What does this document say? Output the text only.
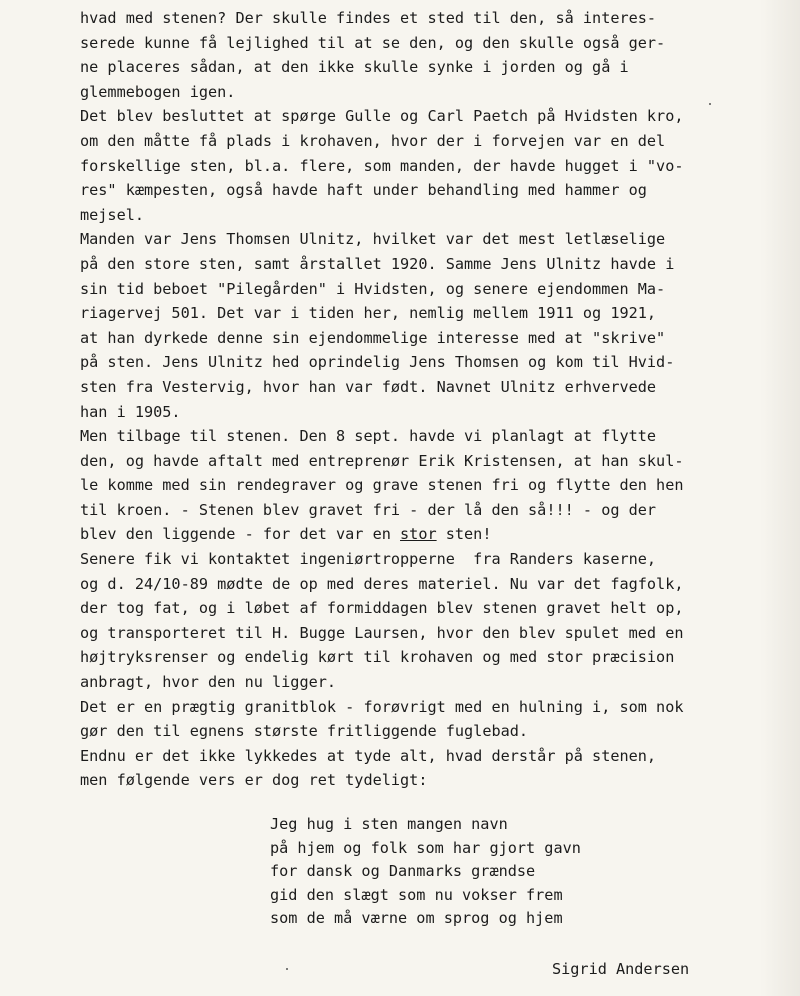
hvad med stenen? Der skulle findes et sted til den, så interes-
serede kunne få lejlighed til at se den, og den skulle også ger-
ne placeres sådan, at den ikke skulle synke i jorden og gå i
glemmebogen igen.
Det blev besluttet at spørge Gulle og Carl Paetch på Hvidsten kro,
om den måtte få plads i krohaven, hvor der i forvejen var en del
forskellige sten, bl.a. flere, som manden, der havde hugget i "vo-
res" kæmpesten, også havde haft under behandling med hammer og
mejsel.
Manden var Jens Thomsen Ulnitz, hvilket var det mest letlæselige
på den store sten, samt årstallet 1920. Samme Jens Ulnitz havde i
sin tid beboet "Pilegården" i Hvidsten, og senere ejendommen Ma-
riagervej 501. Det var i tiden her, nemlig mellem 1911 og 1921,
at han dyrkede denne sin ejendommelige interesse med at "skrive"
på sten. Jens Ulnitz hed oprindelig Jens Thomsen og kom til Hvid-
sten fra Vestervig, hvor han var født. Navnet Ulnitz erhvervede
han i 1905.
Men tilbage til stenen. Den 8 sept. havde vi planlagt at flytte
den, og havde aftalt med entreprenør Erik Kristensen, at han skul-
le komme med sin rendegraver og grave stenen fri og flytte den hen
til kroen. - Stenen blev gravet fri - der lå den så!!! - og der
blev den liggende - for det var en stor sten!
Senere fik vi kontaktet ingeniørtropperne  fra Randers kaserne,
og d. 24/10-89 mødte de op med deres materiel. Nu var det fagfolk,
der tog fat, og i løbet af formiddagen blev stenen gravet helt op,
og transporteret til H. Bugge Laursen, hvor den blev spulet med en
højtryksrenser og endelig kørt til krohaven og med stor præcision
anbragt, hvor den nu ligger.
Det er en prægtig granitblok - forøvrigt med en hulning i, som nok
gør den til egnens største fritliggende fuglebad.
Endnu er det ikke lykkedes at tyde alt, hvad derstår på stenen,
men følgende vers er dog ret tydeligt:
Jeg hug i sten mangen navn
på hjem og folk som har gjort gavn
for dansk og Danmarks grændse
gid den slægt som nu vokser frem
som de må værne om sprog og hjem
Sigrid Andersen
